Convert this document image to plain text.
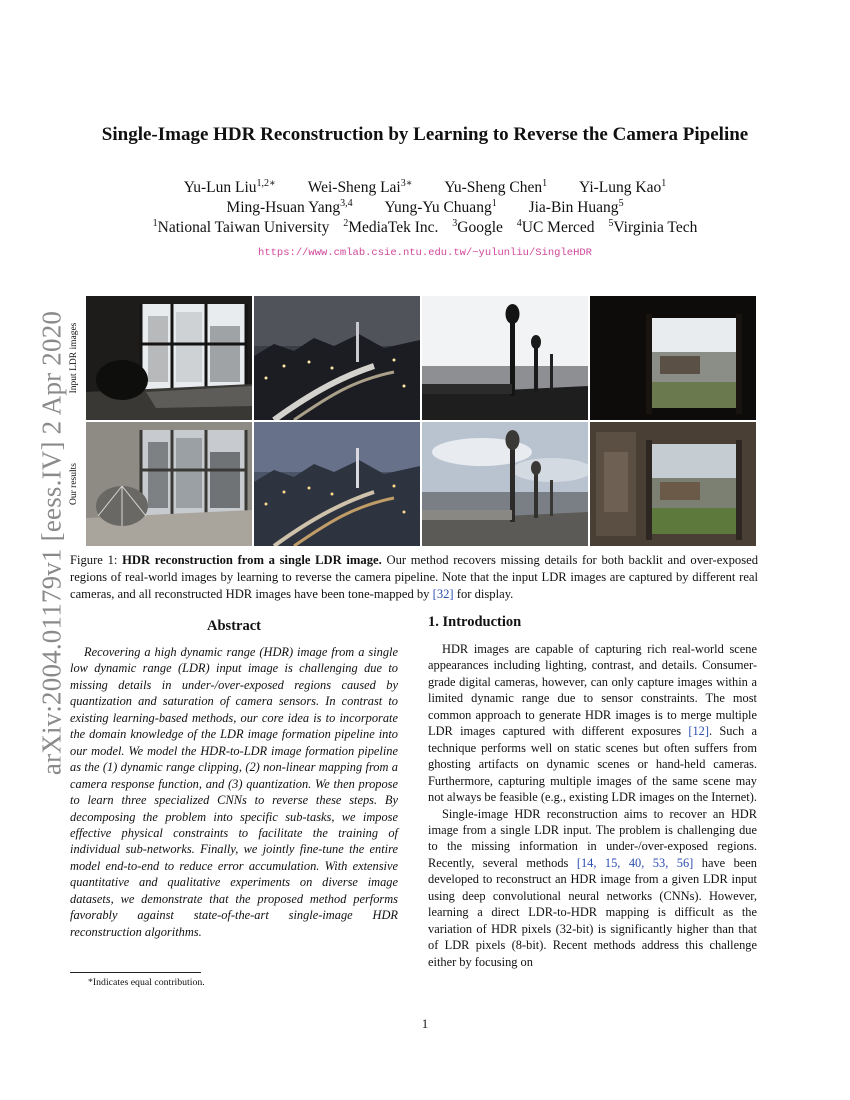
arXiv:2004.01179v1 [eess.IV] 2 Apr 2020
Single-Image HDR Reconstruction by Learning to Reverse the Camera Pipeline
Yu-Lun Liu$^{1,2∗}$ Wei-Sheng Lai$^{3∗}$ Yu-Sheng Chen$^1$ Yi-Lung Kao$^1$
Ming-Hsuan Yang$^{3,4}$ Yung-Yu Chuang$^1$ Jia-Bin Huang$^5$
$^1$National Taiwan University $^2$MediaTek Inc. $^3$Google $^4$UC Merced $^5$Virginia Tech
https://www.cmlab.csie.ntu.edu.tw/~yulunliu/SingleHDR
Input LDR images
Our results
Figure 1: HDR reconstruction from a single LDR image. Our method recovers missing details for both backlit and over-exposed regions of real-world images by learning to reverse the camera pipeline. Note that the input LDR images are captured by different real cameras, and all reconstructed HDR images have been tone-mapped by [32] for display.
Abstract

Recovering a high dynamic range (HDR) image from a single low dynamic range (LDR) input image is challenging due to missing details in under-/over-exposed regions caused by quantization and saturation of camera sensors. In contrast to existing learning-based methods, our core idea is to incorporate the domain knowledge of the LDR image formation pipeline into our model. We model the HDR-to-LDR image formation pipeline as the (1) dynamic range clipping, (2) non-linear mapping from a camera response function, and (3) quantization. We then propose to learn three specialized CNNs to reverse these steps. By decomposing the problem into specific sub-tasks, we impose effective physical constraints to facilitate the training of individual sub-networks. Finally, we jointly fine-tune the entire model end-to-end to reduce error accumulation. With extensive quantitative and qualitative experiments on diverse image datasets, we demonstrate that the proposed method performs favorably against state-of-the-art single-image HDR reconstruction algorithms.

1. Introduction

HDR images are capable of capturing rich real-world scene appearances including lighting, contrast, and details. Consumer-grade digital cameras, however, can only capture images within a limited dynamic range due to sensor constraints. The most common approach to generate HDR images is to merge multiple LDR images captured with different exposures [12]. Such a technique performs well on static scenes but often suffers from ghosting artifacts on dynamic scenes or hand-held cameras. Furthermore, capturing multiple images of the same scene may not always be feasible (e.g., existing LDR images on the Internet).

Single-image HDR reconstruction aims to recover an HDR image from a single LDR input. The problem is challenging due to the missing information in under-/over-exposed regions. Recently, several methods [14, 15, 40, 53, 56] have been developed to reconstruct an HDR image from a given LDR input using deep convolutional neural networks (CNNs). However, learning a direct LDR-to-HDR mapping is difficult as the variation of HDR pixels (32-bit) is significantly higher than that of LDR pixels (8-bit). Recent methods address this challenge either by focusing on

*Indicates equal contribution.
1
